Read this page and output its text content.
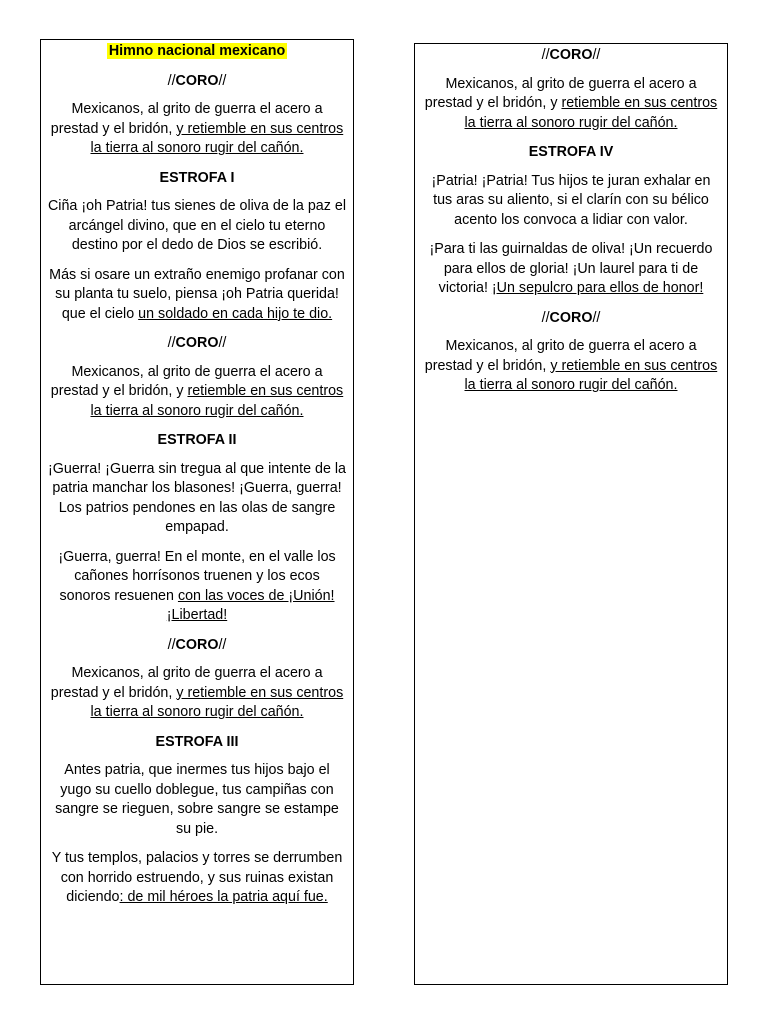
Himno nacional mexicano
//CORO//

Mexicanos, al grito de guerra el acero a prestad y el bridón, y retiemble en sus centros la tierra al sonoro rugir del cañón.

ESTROFA I

Ciña ¡oh Patria! tus sienes de oliva de la paz el arcángel divino, que en el cielo tu eterno destino por el dedo de Dios se escribió.

Más si osare un extraño enemigo profanar con su planta tu suelo, piensa ¡oh Patria querida! que el cielo un soldado en cada hijo te dio.

//CORO//

Mexicanos, al grito de guerra el acero a prestad y el bridón, y retiemble en sus centros la tierra al sonoro rugir del cañón.

ESTROFA II

¡Guerra! ¡Guerra sin tregua al que intente de la patria manchar los blasones! ¡Guerra, guerra! Los patrios pendones en las olas de sangre empapad.

¡Guerra, guerra! En el monte, en el valle los cañones horrísonos truenen y los ecos sonoros resuenen con las voces de ¡Unión! ¡Libertad!

//CORO//

Mexicanos, al grito de guerra el acero a prestad y el bridón, y retiemble en sus centros la tierra al sonoro rugir del cañón.

ESTROFA III

Antes patria, que inermes tus hijos bajo el yugo su cuello doblegue, tus campiñas con sangre se rieguen, sobre sangre se estampe su pie.

Y tus templos, palacios y torres se derrumben con horrido estruendo, y sus ruinas existan diciendo: de mil héroes la patria aquí fue.

//CORO//

Mexicanos, al grito de guerra el acero a prestad y el bridón, y retiemble en sus centros la tierra al sonoro rugir del cañón.

ESTROFA IV

¡Patria! ¡Patria! Tus hijos te juran exhalar en tus aras su aliento, si el clarín con su bélico acento los convoca a lidiar con valor.

¡Para ti las guirnaldas de oliva! ¡Un recuerdo para ellos de gloria! ¡Un laurel para ti de victoria! ¡Un sepulcro para ellos de honor!

//CORO//

Mexicanos, al grito de guerra el acero a prestad y el bridón, y retiemble en sus centros la tierra al sonoro rugir del cañón.
